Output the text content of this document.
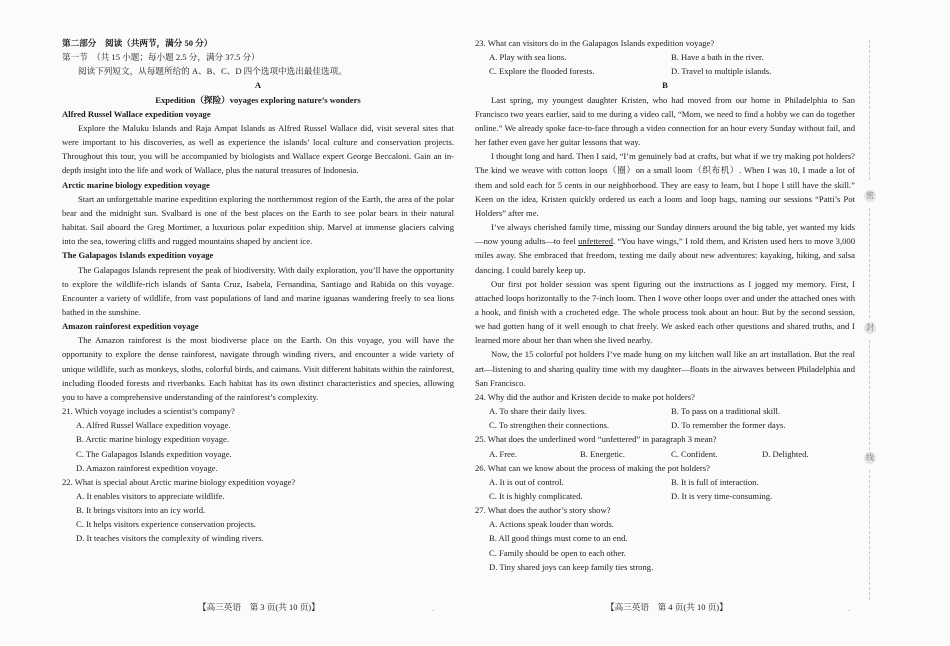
第二部分　阅读（共两节，满分 50 分）

第一节　（共 15 小题；每小题 2.5 分，满分 37.5 分）

阅读下列短文，从每题所给的 A、B、C、D 四个选项中选出最佳选项。

A

Expedition（探险）voyages exploring nature’s wonders

Alfred Russel Wallace expedition voyage

Explore the Maluku Islands and Raja Ampat Islands as Alfred Russel Wallace did, visit several sites that were important to his discoveries, as well as experience the islands’ local culture and conservation projects. Throughout this tour, you will be accompanied by biologists and Wallace expert George Beccaloni. Gain an in-depth insight into the life and work of Wallace, plus the natural treasures of Indonesia.

Arctic marine biology expedition voyage

Start an unforgettable marine expedition exploring the northernmost region of the Earth, the area of the polar bear and the midnight sun. Svalbard is one of the best places on the Earth to see polar bears in their natural habitat. Sail aboard the Greg Mortimer, a luxurious polar expedition ship. Marvel at immense glaciers calving into the sea, towering cliffs and rugged mountains shaped by ancient ice.

The Galapagos Islands expedition voyage

The Galapagos Islands represent the peak of biodiversity. With daily exploration, you’ll have the opportunity to explore the wildlife-rich islands of Santa Cruz, Isabela, Fernandina, Santiago and Rabida on this voyage. Encounter a variety of wildlife, from vast populations of land and marine iguanas wandering freely to sea lions bathed in the sunshine.

Amazon rainforest expedition voyage

The Amazon rainforest is the most biodiverse place on the Earth. On this voyage, you will have the opportunity to explore the dense rainforest, navigate through winding rivers, and encounter a wide variety of unique wildlife, such as monkeys, sloths, colorful birds, and caimans. Visit different habitats within the rainforest, including flooded forests and riverbanks. Each habitat has its own distinct characteristics and species, allowing you to have a comprehensive understanding of the rainforest’s complexity.

21. Which voyage includes a scientist’s company?

A. Alfred Russel Wallace expedition voyage.

B. Arctic marine biology expedition voyage.

C. The Galapagos Islands expedition voyage.

D. Amazon rainforest expedition voyage.

22. What is special about Arctic marine biology expedition voyage?

A. It enables visitors to appreciate wildlife.

B. It brings visitors into an icy world.

C. It helps visitors experience conservation projects.

D. It teaches visitors the complexity of winding rivers.

23. What can visitors do in the Galapagos Islands expedition voyage?

A. Play with sea lions.	B. Have a bath in the river.
C. Explore the flooded forests.	D. Travel to multiple islands.

B

Last spring, my youngest daughter Kristen, who had moved from our home in Philadelphia to San Francisco two years earlier, said to me during a video call, “Mom, we need to find a hobby we can do together online.” We already spoke face-to-face through a video connection for an hour every Sunday without fail, and her father even gave her guitar lessons that way.

I thought long and hard. Then I said, “I’m genuinely bad at crafts, but what if we try making pot holders? The kind we weave with cotton loops（圈）on a small loom（织布机）. When I was 10, I made a lot of them and sold each for 5 cents in our neighborhood. They are easy to learn, but I hope I still have the skill.” Keen on the idea, Kristen quickly ordered us each a loom and loop bags, naming our sessions “Patti’s Pot Holders” after me.

I’ve always cherished family time, missing our Sunday dinners around the big table, yet wanted my kids—now young adults—to feel unfettered. “You have wings,” I told them, and Kristen used hers to move 3,000 miles away. She embraced that freedom, texting me daily about new adventures: kayaking, hiking, and salsa dancing. I could barely keep up.

Our first pot holder session was spent figuring out the instructions as I jogged my memory. First, I attached loops horizontally to the 7-inch loom. Then I wove other loops over and under the attached ones with a hook, and finish with a crocheted edge. The whole process took about an hour. But by the second session, we had gotten hang of it well enough to chat freely. We asked each other questions and shared truths, and I learned more about her than when she lived nearby.

Now, the 15 colorful pot holders I’ve made hung on my kitchen wall like an art installation. But the real art—listening to and sharing quality time with my daughter—floats in the airwaves between Philadelphia and San Francisco.

24. Why did the author and Kristen decide to make pot holders?

A. To share their daily lives.	B. To pass on a traditional skill.
C. To strengthen their connections.	D. To remember the former days.

25. What does the underlined word “unfettered” in paragraph 3 mean?

A. Free.	B. Energetic.	C. Confident.	D. Delighted.

26. What can we know about the process of making the pot holders?

A. It is out of control.	B. It is full of interaction.
C. It is highly complicated.	D. It is very time-consuming.

27. What does the author’s story show?

A. Actions speak louder than words.

B. All good things must come to an end.

C. Family should be open to each other.

D. Tiny shared joys can keep family ties strong.

【高三英语　第 3 页(共 10 页)】	【高三英语　第 4 页(共 10 页)】
.	.
密
封
线
